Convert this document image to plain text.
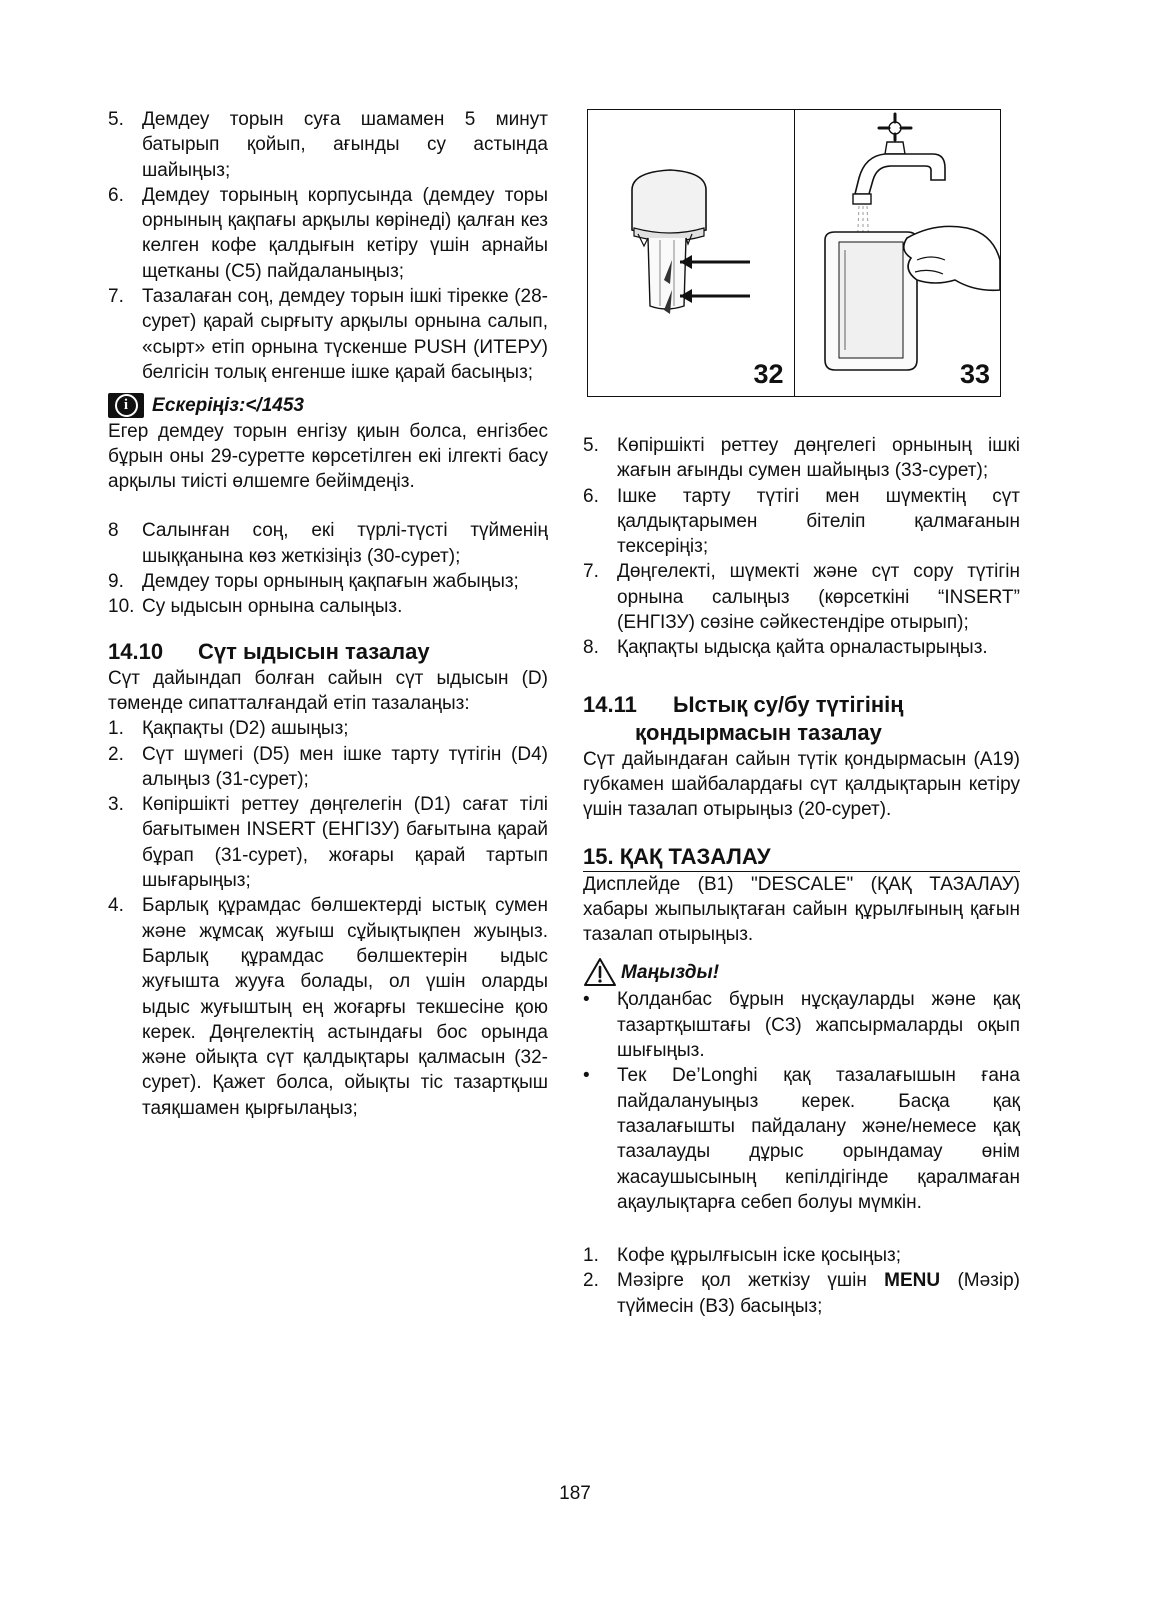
5. Демдеу торын суға шамамен 5 минут батырып қойып, ағынды су астында шайыңыз;
6. Демдеу торының корпусында (демдеу торы орнының қақпағы арқылы көрінеді) қалған кез келген кофе қалдығын кетіру үшін арнайы щетканы (С5) пайдаланыңыз;
7. Тазалаған соң, демдеу торын ішкі тірекке (28-сурет) қарай сырғыту арқылы орнына салып, «сырт» етіп орнына түскенше PUSH (ИТЕРУ) белгісін толық енгенше ішке қарай басыңыз;
i	Ескеріңіз:</1453

Егер демдеу торын енгізу қиын болса, енгізбес бұрын оны 29-суретте көрсетілген екі ілгекті басу арқылы тиісті өлшемге бейімдеңіз.

8 Салынған соң, екі түрлі-түсті түйменің шыққанына көз жеткізіңіз (30-сурет);
9. Демдеу торы орнының қақпағын жабыңыз;
10. Су ыдысын орнына салыңыз.
14.10 Сүт ыдысын тазалау

Сүт дайындап болған сайын сүт ыдысын (D) төменде сипатталғандай етіп тазалаңыз:

1. Қақпақты (D2) ашыңыз;
2. Сүт шүмегі (D5) мен ішке тарту түтігін (D4) алыңыз (31-сурет);
3. Көпіршікті реттеу дөңгелегін (D1) сағат тілі бағытымен INSERT (ЕНГІЗУ) бағытына қарай бұрап (31-сурет), жоғары қарай тартып шығарыңыз;
4. Барлық құрамдас бөлшектерді ыстық сумен және жұмсақ жуғыш сұйықтықпен жуыңыз. Барлық құрамдас бөлшектерін ыдыс жуғышта жууға болады, ол үшін оларды ыдыс жуғыштың ең жоғарғы текшесіне қою керек. Дөңгелектің астындағы бос орында және ойықта сүт қалдықтары қалмасын (32-сурет). Қажет болса, ойықты тіс тазартқыш таяқшамен қырғылаңыз;
32	33
5. Көпіршікті реттеу дөңгелегі орнының ішкі жағын ағынды сумен шайыңыз (33-сурет);
6. Ішке тарту түтігі мен шүмектің сүт қалдықтарымен бітеліп қалмағанын тексеріңіз;
7. Дөңгелекті, шүмекті және сүт сору түтігін орнына салыңыз (көрсеткіні “INSERT” (ЕНГІЗУ) сөзіне сәйкестендіре отырып);
8. Қақпақты ыдысқа қайта орналастырыңыз.
14.11 Ыстық су/бу түтігінің
қондырмасын тазалау

Сүт дайындаған сайын түтік қондырмасын (A19) губкамен шайбалардағы сүт қалдықтарын кетіру үшін тазалап отырыңыз (20-сурет).

15. ҚАҚ ТАЗАЛАУ

Дисплейде (B1) "DESCALE" (ҚАҚ ТАЗАЛАУ) хабары жыпылықтаған сайын құрылғының қағын тазалап отырыңыз.

Маңызды!
• Қолданбас бұрын нұсқауларды және қақ тазартқыштағы (С3) жапсырмаларды оқып шығыңыз.
• Тек De’Longhi қақ тазалағышын ғана пайдалануыңыз керек. Басқа қақ тазалағышты пайдалану және/немесе қақ тазалауды дұрыс орындамау өнім жасаушысының кепілдігінде қаралмаған ақаулықтарға себеп болуы мүмкін.
1. Кофе құрылғысын іске қосыңыз;
2. Мәзірге қол жеткізу үшін MENU (Мәзір) түймесін (B3) басыңыз;
187
